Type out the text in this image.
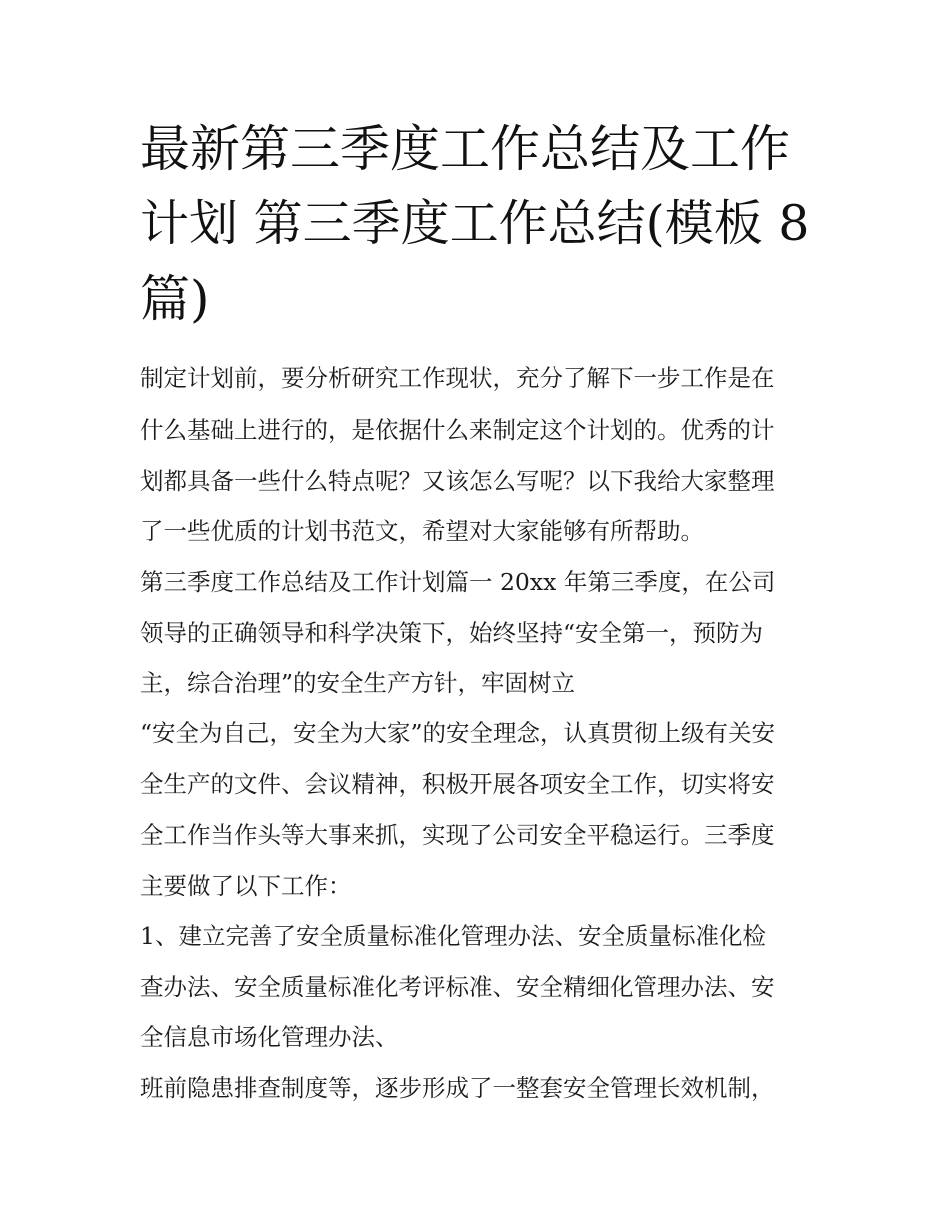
最新第三季度工作总结及工作
计划 第三季度工作总结(模板 8
篇)
制定计划前，要分析研究工作现状，充分了解下一步工作是在
什么基础上进行的，是依据什么来制定这个计划的。优秀的计
划都具备一些什么特点呢？又该怎么写呢？以下我给大家整理
了一些优质的计划书范文，希望对大家能够有所帮助。
第三季度工作总结及工作计划篇一 20xx 年第三季度，在公司
领导的正确领导和科学决策下，始终坚持“安全第一，预防为
主，综合治理”的安全生产方针，牢固树立
“安全为自己，安全为大家”的安全理念，认真贯彻上级有关安
全生产的文件、会议精神，积极开展各项安全工作，切实将安
全工作当作头等大事来抓，实现了公司安全平稳运行。三季度
主要做了以下工作：
1、建立完善了安全质量标准化管理办法、安全质量标准化检
查办法、安全质量标准化考评标准、安全精细化管理办法、安
全信息市场化管理办法、
班前隐患排查制度等，逐步形成了一整套安全管理长效机制，
